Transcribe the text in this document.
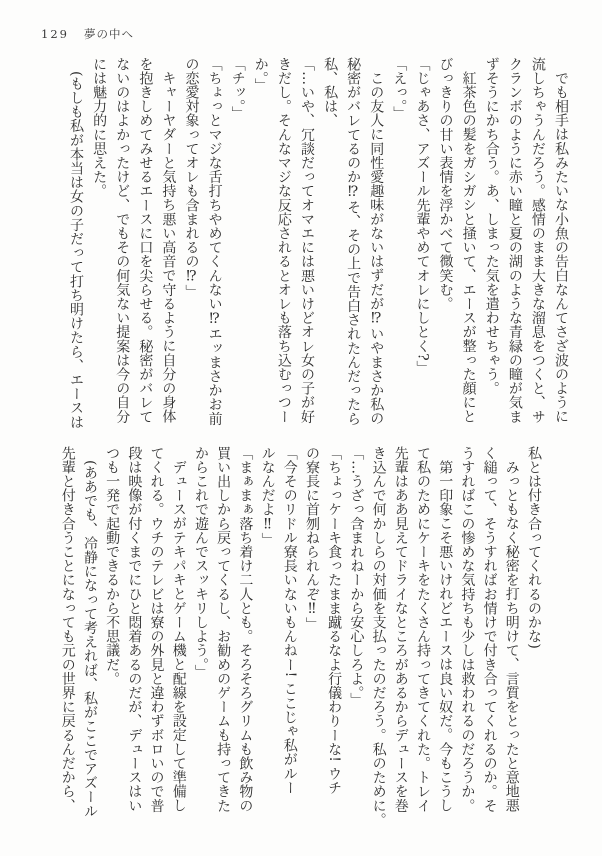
129 夢の中へ

でも相手は私みたいな小魚の告白なんてさざ波のように

流しちゃうんだろう。感情のまま大きな溜息をつくと、サ

クランボのように赤い瞳と夏の湖のような青緑の瞳が気ま

ずそうにかち合う。あ、しまった気を遣わせちゃう。

紅茶色の髪をガシガシと掻いて、エースが整った顔にと

びっきりの甘い表情を浮かべて微笑む。

「じゃあさ、アズール先輩やめてオレにしとく?」

「えっ。」

この友人に同性愛趣味がないはずだが⁉いやまさか私の

秘密がバレてるのか⁉そ、その上で告白されたんだったら

私、私は、

「…いや、冗談だってオマエには悪いけどオレ女の子が好

きだし。そんなマジな反応されるとオレも落ち込むっつー

か。」

「チッ。」

「ちょっとマジな舌打ちやめてくんない⁉エッまさかお前

の恋愛対象ってオレも含まれるの⁉」

キャーヤダーと気持ち悪い高音で守るように自分の身体

を抱きしめてみせるエースに口を尖らせる。秘密がバレて

ないのはよかったけど、でもその何気ない提案は今の自分

には魅力的に思えた。

(もしも私が本当は女の子だって打ち明けたら、エースは

私とは付き合ってくれるのかな)

みっともなく秘密を打ち明けて、言質をとったと意地悪

く縋って、そうすればお情けで付き合ってくれるのか。そ

うすればこの惨めな気持ちも少しは救われるのだろうか。

第一印象こそ悪いけれどエースは良い奴だ。今もこうし

て私のためにケーキをたくさん持ってきてくれた。トレイ

先輩はああ見えてドライなところがあるからデュースを巻

き込んで何かしらの対価を支払ったのだろう。私のために。

「…うざっ含まれねーから安心しろよ。」

「ちょっケーキ食ったまま蹴るなよ行儀わりーな! ウチ

の寮長に首刎ねられんぞ‼」

「今そのリドル寮長いないもんねー! ここじゃ私がルー

ルなんだよ‼」

「まぁまぁ落ち着け二人とも。そろそろグリムも飲み物の

買い出しから戻ってくるし、お勧めのゲームも持ってきた

からこれで遊んでスッキリしよう。」

デュースがテキパキとゲーム機と配線を設定して準備し

てくれる。ウチのテレビは寮の外見と違わずボロいので普

段は映像が付くまでにひと悶着あるのだが、デュースはい

つも一発で起動できるから不思議だ。

(ああでも、冷静になって考えれば、私がここでアズール

先輩と付き合うことになっても元の世界に戻るんだから、
